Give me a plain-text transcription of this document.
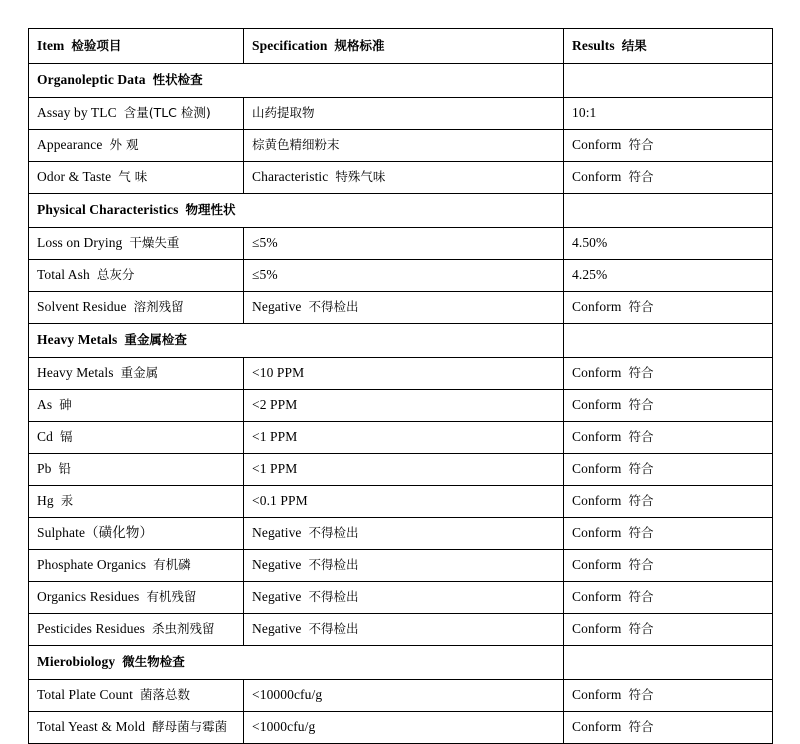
Item 检验项目	Specification 规格标准	Results 结果
Organoleptic Data 性状检查		
Assay by TLC 含量(TLC 检测)	山药提取物	10:1
Appearance 外 观	棕黄色精细粉末	Conform 符合
Odor & Taste 气 味	Characteristic 特殊气味	Conform 符合
Physical Characteristics 物理性状		
Loss on Drying 干燥失重	≤5%	4.50%
Total Ash 总灰分	≤5%	4.25%
Solvent Residue 溶剂残留	Negative 不得检出	Conform 符合
Heavy Metals 重金属检查		
Heavy Metals 重金属	<10 PPM	Conform 符合
As 砷	<2 PPM	Conform 符合
Cd 镉	<1 PPM	Conform 符合
Pb 铅	<1 PPM	Conform 符合
Hg 汞	<0.1 PPM	Conform 符合
Sulphate（磺化物）	Negative 不得检出	Conform 符合
Phosphate Organics 有机磷	Negative 不得检出	Conform 符合
Organics Residues 有机残留	Negative 不得检出	Conform 符合
Pesticides Residues 杀虫剂残留	Negative 不得检出	Conform 符合
Mierobiology 微生物检查		
Total Plate Count 菌落总数	<10000cfu/g	Conform 符合
Total Yeast & Mold 酵母菌与霉菌	<1000cfu/g	Conform 符合
